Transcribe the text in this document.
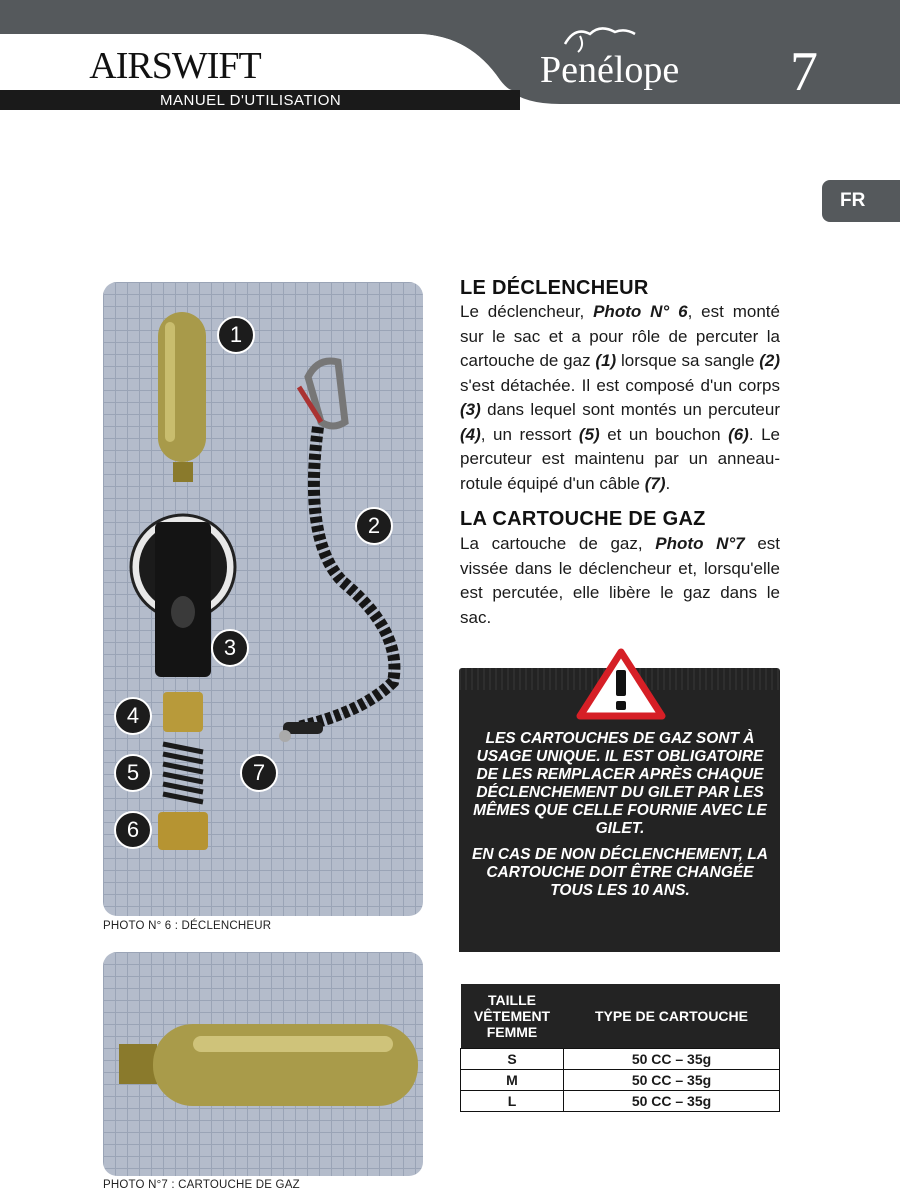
AIRSWIFT
MANUEL D'UTILISATION
Penélope 7
FR
1
2
3
4
5	7
6
PHOTO N° 6 : DÉCLENCHEUR
PHOTO N°7 : CARTOUCHE DE GAZ
LE DÉCLENCHEUR
Le déclencheur, Photo N° 6, est monté sur le sac et a pour rôle de percuter la cartouche de gaz (1) lorsque sa sangle (2) s'est détachée. Il est composé d'un corps (3) dans lequel sont montés un percuteur (4), un ressort (5) et un bouchon (6). Le percuteur est maintenu par un anneau-rotule équipé d'un câble (7).
LA CARTOUCHE DE GAZ
La cartouche de gaz, Photo N°7 est vissée dans le déclencheur et, lorsqu'elle est percutée, elle libère le gaz dans le sac.
LES CARTOUCHES DE GAZ SONT À USAGE UNIQUE. IL EST OBLIGATOIRE DE LES REMPLACER APRÈS CHAQUE DÉCLENCHEMENT DU GILET PAR LES MÊMES QUE CELLE FOURNIE AVEC LE GILET.
EN CAS DE NON DÉCLENCHEMENT, LA CARTOUCHE DOIT ÊTRE CHANGÉE TOUS LES 10 ANS.
TAILLE VÊTEMENT FEMME	TYPE DE CARTOUCHE
S	50 CC – 35g
M	50 CC – 35g
L	50 CC – 35g
